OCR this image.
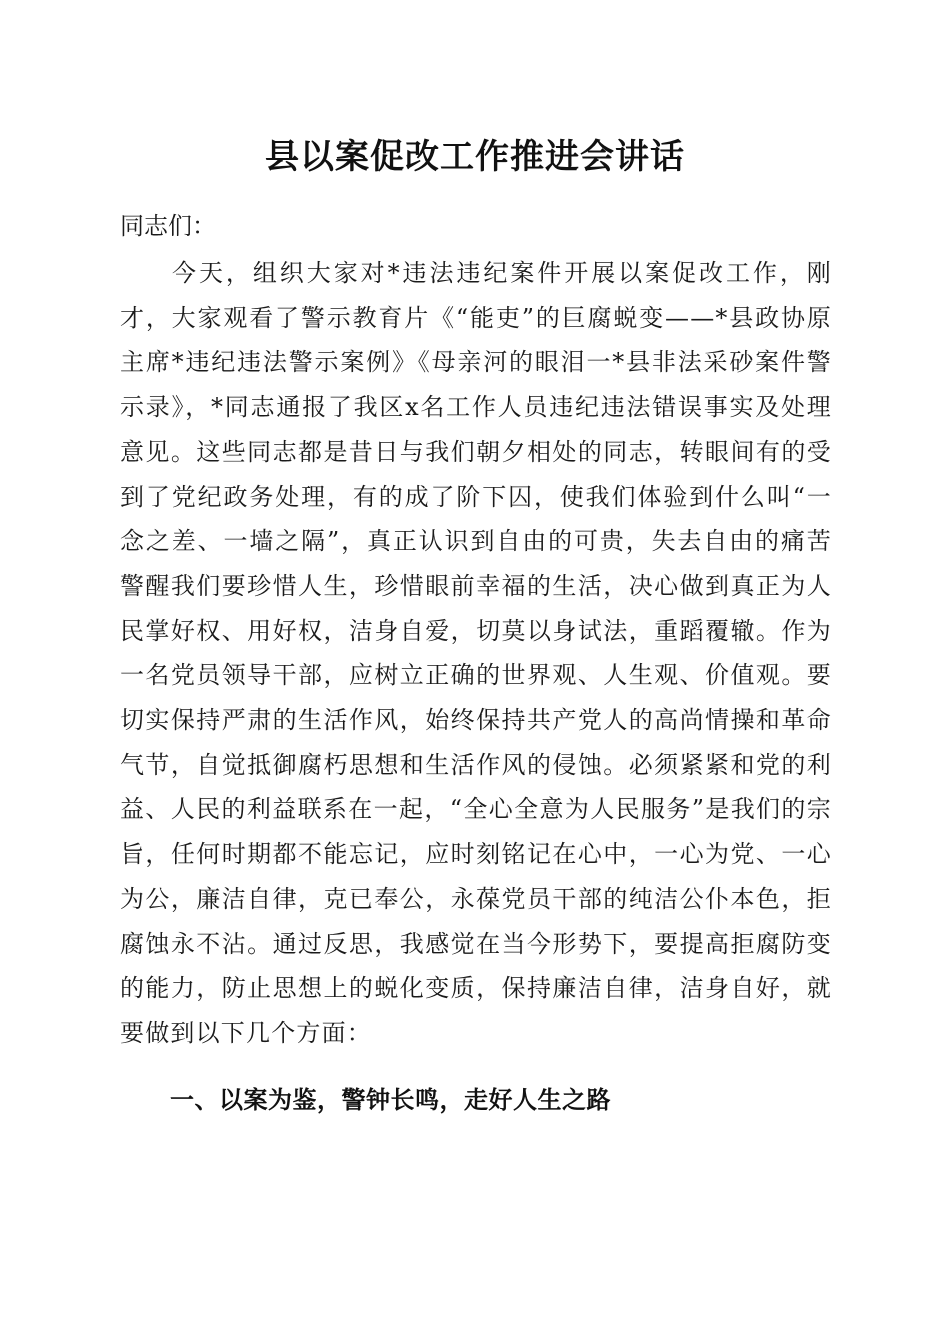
县以案促改工作推进会讲话

同志们：

今天，组织大家对*违法违纪案件开展以案促改工作，刚才，大家观看了警示教育片《“能吏”的巨腐蜕变——*县政协原主席*违纪违法警示案例》《母亲河的眼泪一*县非法采砂案件警示录》，*同志通报了我区x名工作人员违纪违法错误事实及处理意见。这些同志都是昔日与我们朝夕相处的同志，转眼间有的受到了党纪政务处理，有的成了阶下囚，使我们体验到什么叫“一念之差、一墙之隔”，真正认识到自由的可贵，失去自由的痛苦警醒我们要珍惜人生，珍惜眼前幸福的生活，决心做到真正为人民掌好权、用好权，洁身自爱，切莫以身试法，重蹈覆辙。作为一名党员领导干部，应树立正确的世界观、人生观、价值观。要切实保持严肃的生活作风，始终保持共产党人的高尚情操和革命气节，自觉抵御腐朽思想和生活作风的侵蚀。必须紧紧和党的利益、人民的利益联系在一起，“全心全意为人民服务”是我们的宗旨，任何时期都不能忘记，应时刻铭记在心中，一心为党、一心为公，廉洁自律，克已奉公，永葆党员干部的纯洁公仆本色，拒腐蚀永不沾。通过反思，我感觉在当今形势下，要提高拒腐防变的能力，防止思想上的蜕化变质，保持廉洁自律，洁身自好，就要做到以下几个方面：

一、以案为鉴，警钟长鸣，走好人生之路
